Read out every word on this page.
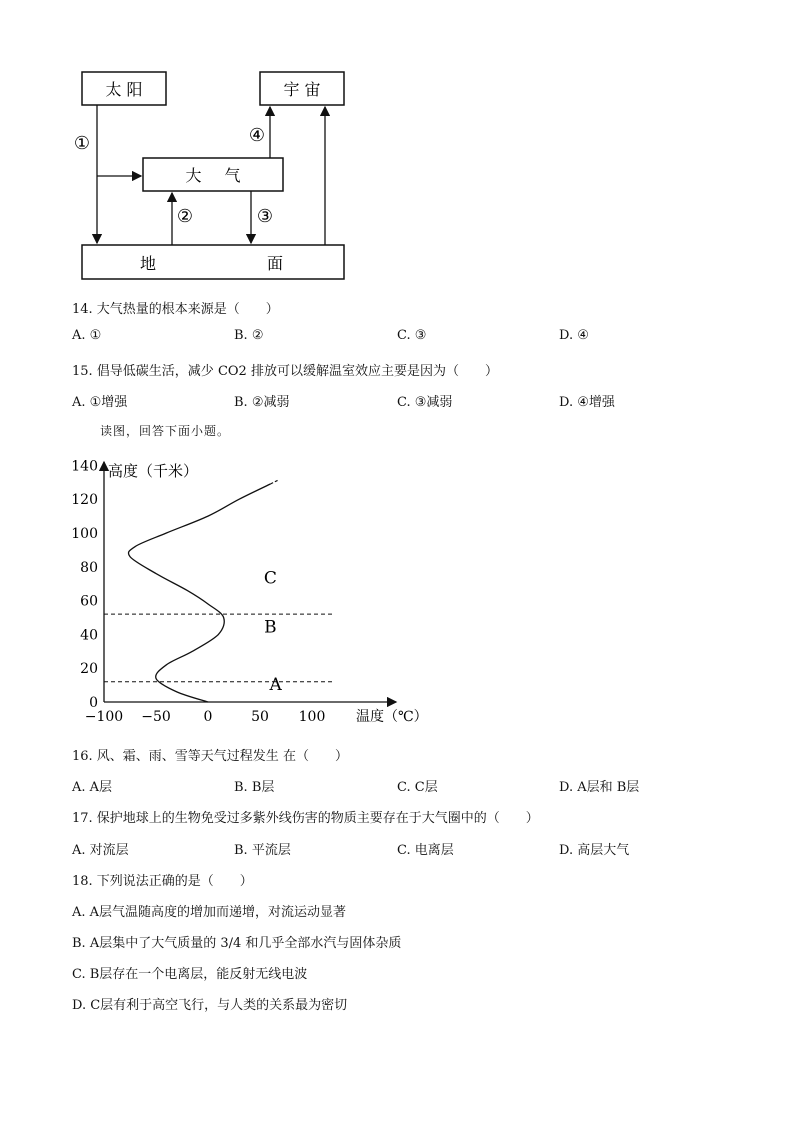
太 阳	宇 宙
大 气
地	面
①
②	③
④
14. 大气热量的根本来源是（　　）
A. ①	B. ②	C. ③	D. ④
15. 倡导低碳生活，减少 CO2 排放可以缓解温室效应主要是因为（　　）
A. ①增强	B. ②减弱	C. ③减弱	D. ④增强
读图，回答下面小题。
140
120
100
80
60
40
20
0
−100 −50 0	50 100
高度（千米）
温度（℃）
A
B
C
16. 风、霜、雨、雪等天气过程发生 在（　　）
A. A层	B. B层	C. C层	D. A层和 B层
17. 保护地球上的生物免受过多紫外线伤害的物质主要存在于大气圈中的（　　）
A. 对流层	B. 平流层	C. 电离层	D. 高层大气
18. 下列说法正确的是（　　）
A. A层气温随高度的增加而递增，对流运动显著
B. A层集中了大气质量的 3/4 和几乎全部水汽与固体杂质
C. B层存在一个电离层，能反射无线电波
D. C层有利于高空飞行，与人类的关系最为密切
